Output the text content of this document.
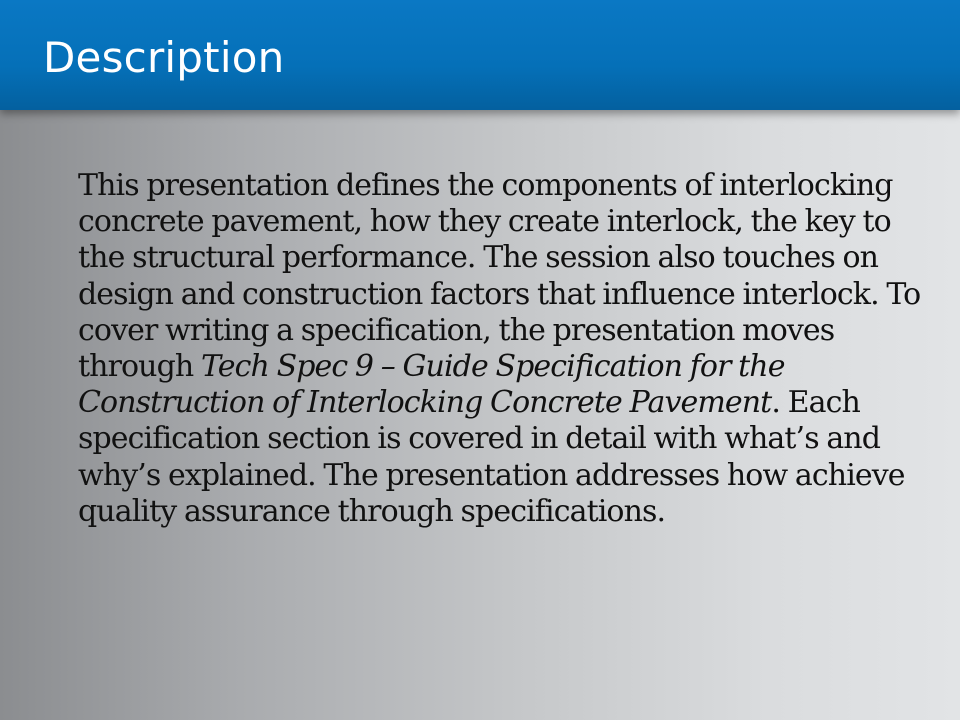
Description

This presentation defines the components of interlocking concrete pavement, how they create interlock, the key to the structural performance. The session also touches on design and construction factors that influence interlock. To cover writing a specification, the presentation moves through Tech Spec 9 – Guide Specification for the Construction of Interlocking Concrete Pavement. Each specification section is covered in detail with what’s and why’s explained. The presentation addresses how achieve quality assurance through specifications.
